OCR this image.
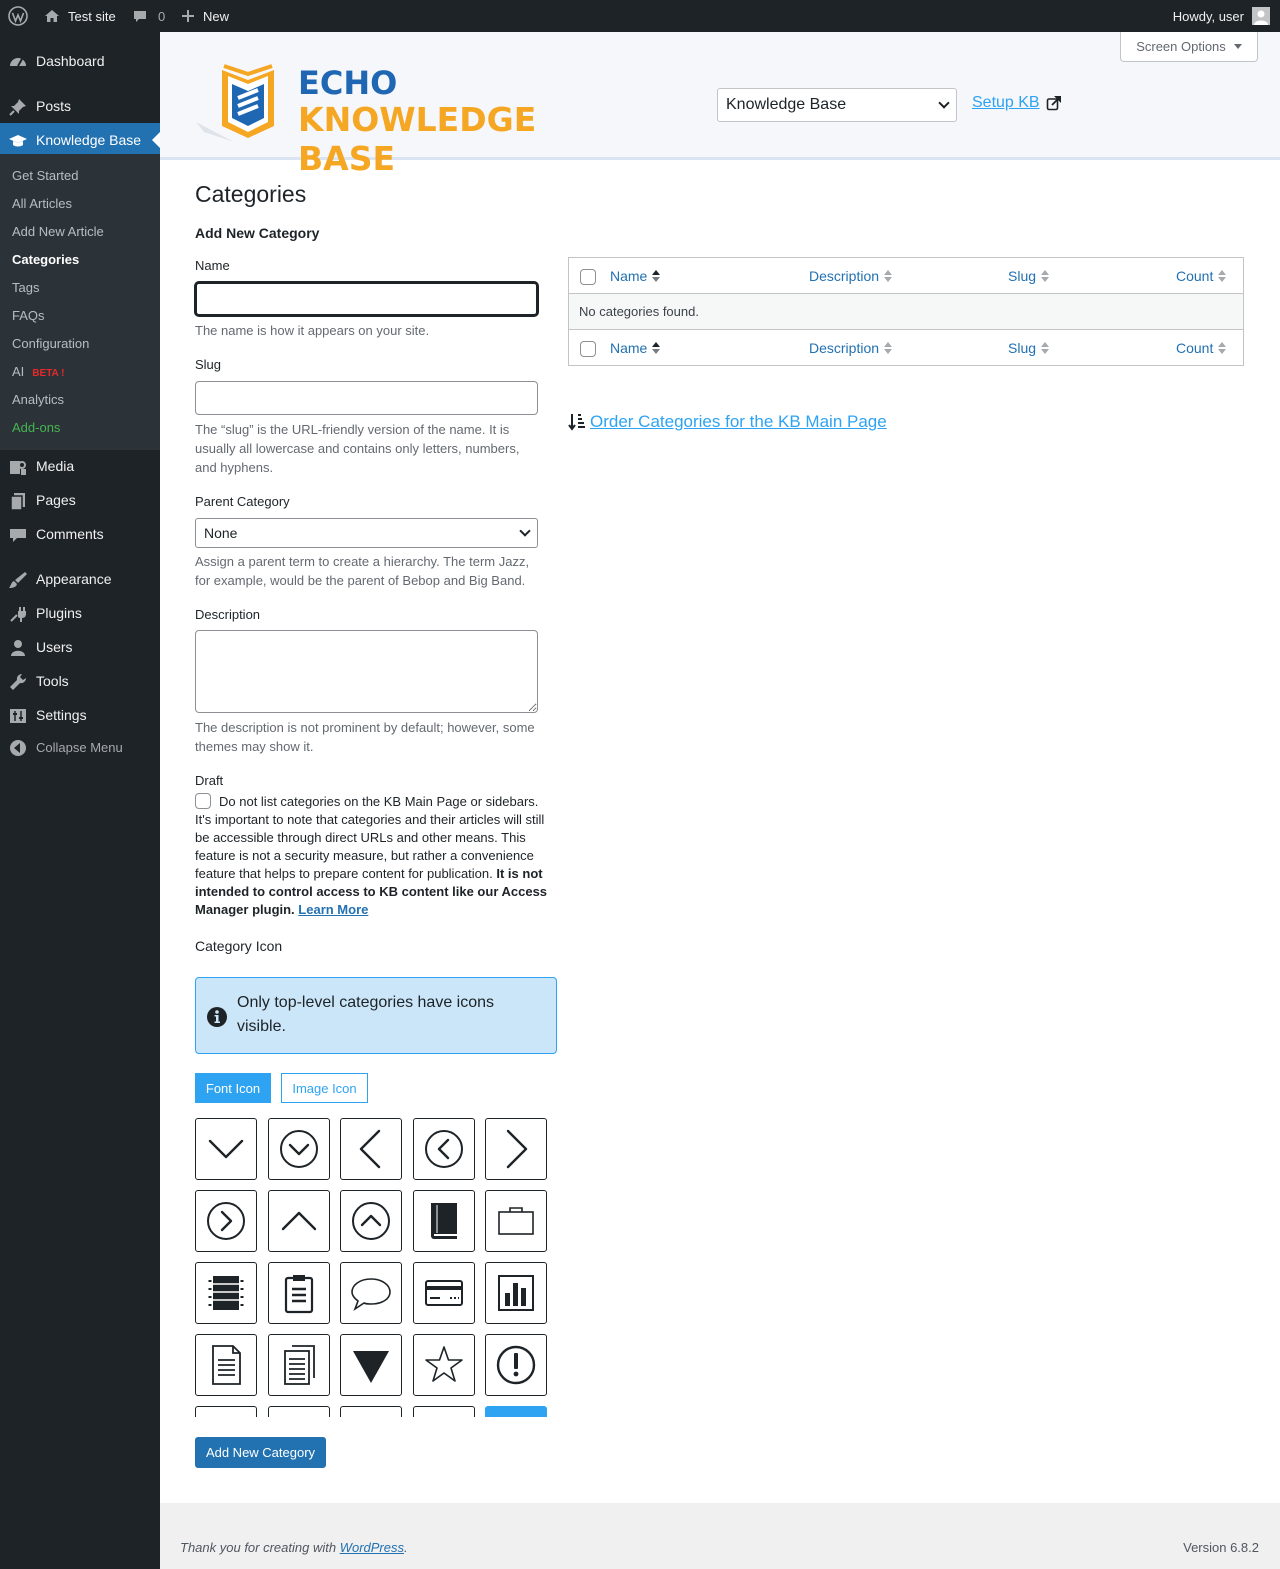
Test site	0	New	Howdy, user
Dashboard
Posts
Knowledge Base
Get Started
All Articles
Add New Article
Categories
Tags
FAQs
Configuration
AI BETA !
Analytics
Add-ons
Media
Pages
Comments
Appearance
Plugins
Users
Tools
Settings
Collapse Menu
Screen Options
ECHO
KNOWLEDGE BASE
Knowledge Base	Setup KB
Categories
Add New Category
Name

The name is how it appears on your site.

Slug

The “slug” is the URL-friendly version of the name. It is usually all lowercase and contains only letters, numbers, and hyphens.

Parent Category
None

Assign a parent term to create a hierarchy. The term Jazz, for example, would be the parent of Bebop and Big Band.

Description

The description is not prominent by default; however, some themes may show it.

Draft
Do not list categories on the KB Main Page or sidebars. It's important to note that categories and their articles will still be accessible through direct URLs and other means. This feature is not a security measure, but rather a convenience feature that helps to prepare content for publication. It is not intended to control access to KB content like our Access Manager plugin. Learn More
Category Icon
Only top-level categories have icons visible.
Font Icon	Image Icon
Add New Category
Name	Description	Slug	Count
No categories found.
Name	Description	Slug	Count
Order Categories for the KB Main Page

Thank you for creating with WordPress.	Version 6.8.2
